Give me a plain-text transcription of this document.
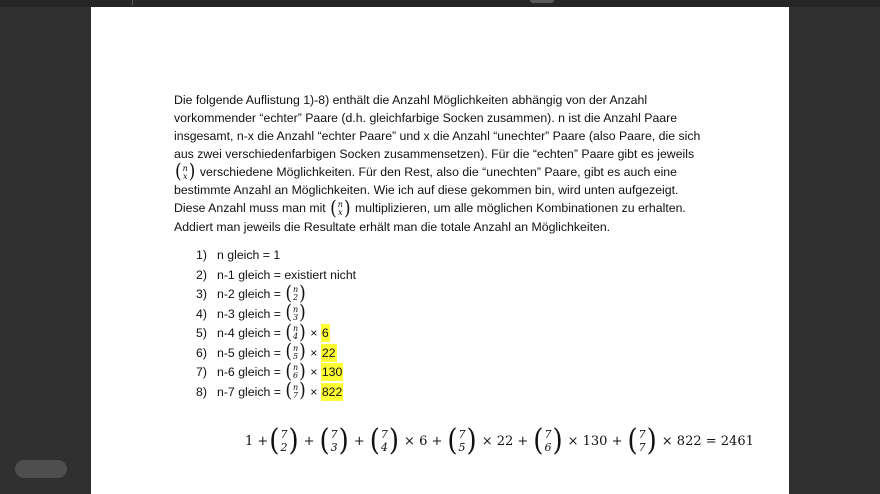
Die folgende Auflistung 1)-8) enthält die Anzahl Möglichkeiten abhängig von der Anzahl vorkommender “echter” Paare (d.h. gleichfarbige Socken zusammen). n ist die Anzahl Paare insgesamt, n-x die Anzahl “echter Paare” und x die Anzahl “unechter” Paare (also Paare, die sich aus zwei verschiedenfarbigen Socken zusammensetzen). Für die “echten” Paare gibt es jeweils
( n
x ) verschiedene Möglichkeiten. Für den Rest, also die “unechten” Paare, gibt es auch eine bestimmte Anzahl an Möglichkeiten. Wie ich auf diese gekommen bin, wird unten aufgezeigt. Diese Anzahl muss man mit ( n
x ) multiplizieren, um alle möglichen Kombinationen zu erhalten. Addiert man jeweils die Resultate erhält man die totale Anzahl an Möglichkeiten.

1) n gleich = 1
2) n-1 gleich = existiert nicht
3) n-2 gleich =
( n
2 )
4) n-3 gleich =
( n
3 )
5) n-4 gleich =
( n
4 )
×
6
6) n-5 gleich =
( n
5 )
×
22
7) n-6 gleich =
( n
6 )
×
130
8) n-7 gleich =
( n
7 )
×
822
1 + ( 7
2 ) + ( 7
3 ) + ( 7
4 ) × 6 + ( 7
5 ) × 22 + ( 7
6 ) × 130 + ( 7
7 ) × 822 = 2461
